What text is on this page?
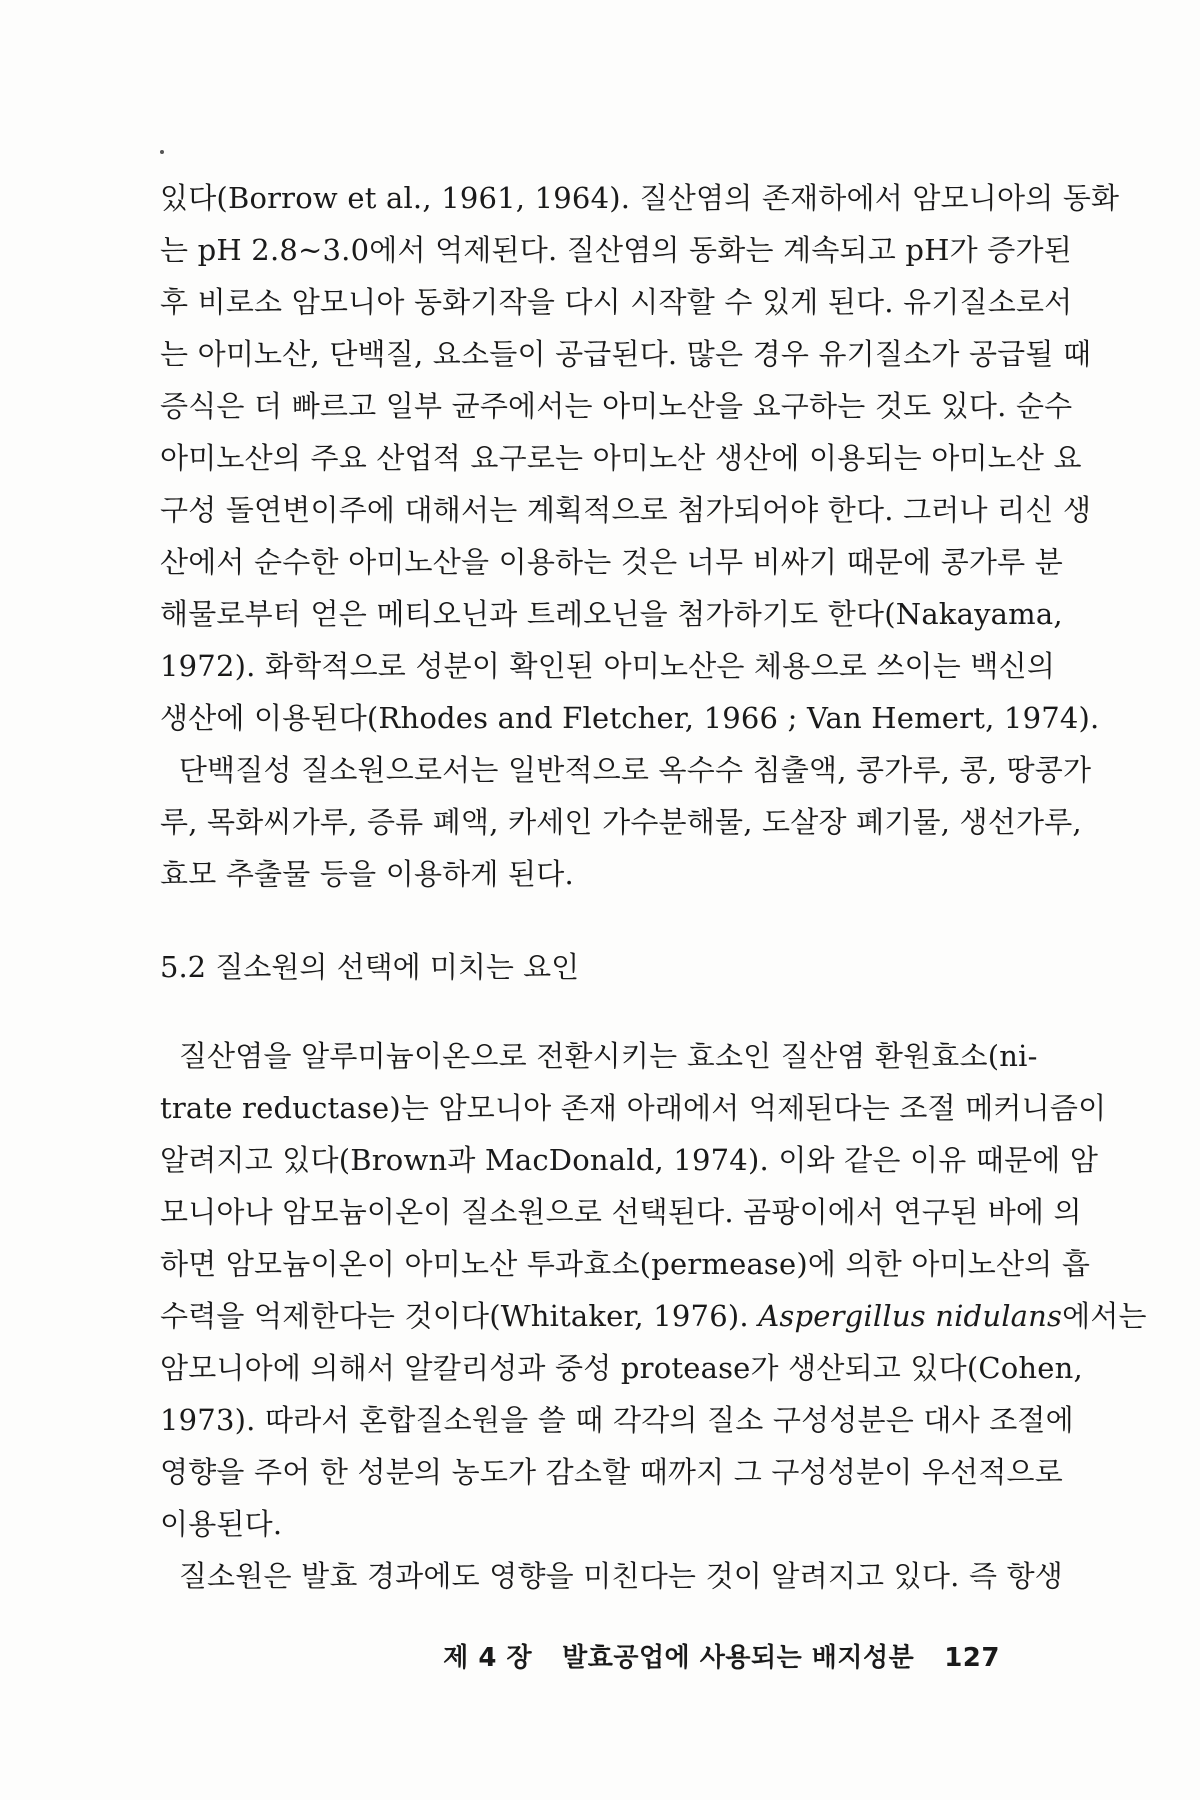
있다(Borrow et al., 1961, 1964). 질산염의 존재하에서 암모니아의 동화
는 pH 2.8~3.0에서 억제된다. 질산염의 동화는 계속되고 pH가 증가된
후 비로소 암모니아 동화기작을 다시 시작할 수 있게 된다. 유기질소로서
는 아미노산, 단백질, 요소들이 공급된다. 많은 경우 유기질소가 공급될 때
증식은 더 빠르고 일부 균주에서는 아미노산을 요구하는 것도 있다. 순수
아미노산의 주요 산업적 요구로는 아미노산 생산에 이용되는 아미노산 요
구성 돌연변이주에 대해서는 계획적으로 첨가되어야 한다. 그러나 리신 생
산에서 순수한 아미노산을 이용하는 것은 너무 비싸기 때문에 콩가루 분
해물로부터 얻은 메티오닌과 트레오닌을 첨가하기도 한다(Nakayama,
1972). 화학적으로 성분이 확인된 아미노산은 체용으로 쓰이는 백신의
생산에 이용된다(Rhodes and Fletcher, 1966 ; Van Hemert, 1974).
단백질성 질소원으로서는 일반적으로 옥수수 침출액, 콩가루, 콩, 땅콩가
루, 목화씨가루, 증류 폐액, 카세인 가수분해물, 도살장 폐기물, 생선가루,
효모 추출물 등을 이용하게 된다.
5.2 질소원의 선택에 미치는 요인
질산염을 알루미늄이온으로 전환시키는 효소인 질산염 환원효소(ni-
trate reductase)는 암모니아 존재 아래에서 억제된다는 조절 메커니즘이
알려지고 있다(Brown과 MacDonald, 1974). 이와 같은 이유 때문에 암
모니아나 암모늄이온이 질소원으로 선택된다. 곰팡이에서 연구된 바에 의
하면 암모늄이온이 아미노산 투과효소(permease)에 의한 아미노산의 흡
수력을 억제한다는 것이다(Whitaker, 1976). Aspergillus nidulans에서는
암모니아에 의해서 알칼리성과 중성 protease가 생산되고 있다(Cohen,
1973). 따라서 혼합질소원을 쓸 때 각각의 질소 구성성분은 대사 조절에
영향을 주어 한 성분의 농도가 감소할 때까지 그 구성성분이 우선적으로
이용된다.
질소원은 발효 경과에도 영향을 미친다는 것이 알려지고 있다. 즉 항생
제 4 장 발효공업에 사용되는 배지성분 127
